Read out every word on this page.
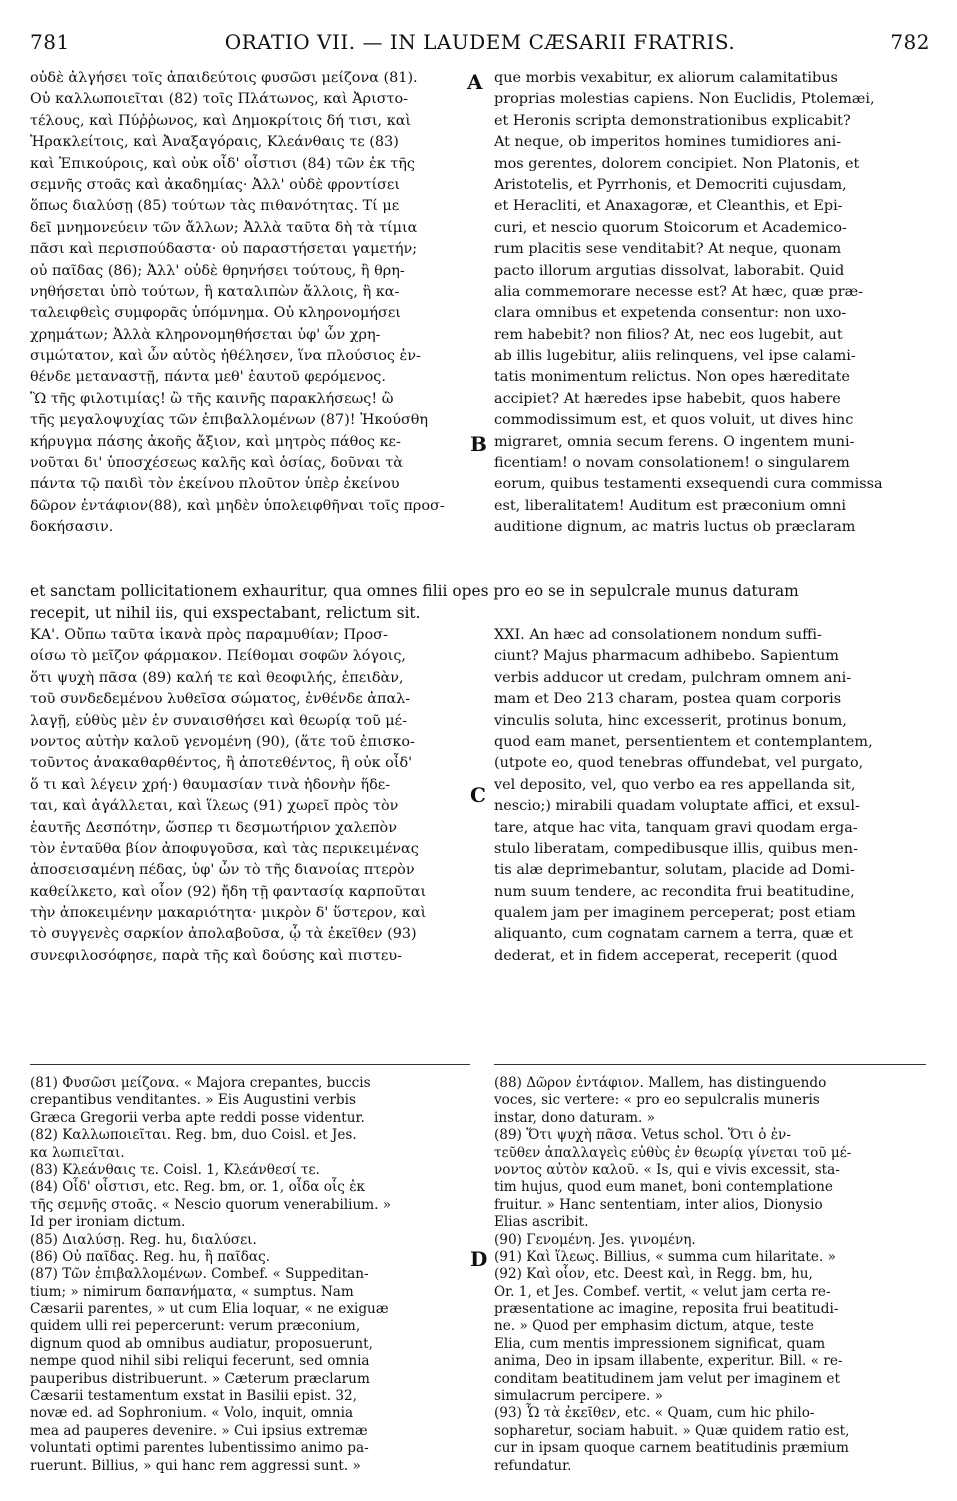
781	ORATIO VII. — IN LAUDEM CÆSARII FRATRIS.	782
A
B
C
D
οὐδὲ ἀλγήσει τοῖς ἀπαιδεύτοις φυσῶσι μείζονα (81).
Οὐ καλλωποιεῖται (82) τοῖς Πλάτωνος, καὶ Ἀριστο-
τέλους, καὶ Πύῤῥωνος, καὶ Δημοκρίτοις δή τισι, καὶ
Ἡρακλείτοις, καὶ Ἀναξαγόραις, Κλεάνθαις τε (83)
καὶ Ἐπικούροις, καὶ οὐκ οἶδ' οἷστισι (84) τῶν ἐκ τῆς
σεμνῆς στοᾶς καὶ ἀκαδημίας· Ἀλλ' οὐδὲ φροντίσει
ὅπως διαλύσῃ (85) τούτων τὰς πιθανότητας. Τί με
δεῖ μνημονεύειν τῶν ἄλλων; Ἀλλὰ ταῦτα δὴ τὰ τίμια
πᾶσι καὶ περισπούδαστα· οὐ παραστήσεται γαμετήν;
οὐ παῖδας (86); Ἀλλ' οὐδὲ θρηνήσει τούτους, ἢ θρη-
νηθήσεται ὑπὸ τούτων, ἢ καταλιπὼν ἄλλοις, ἢ κα-
ταλειφθεὶς συμφορᾶς ὑπόμνημα. Οὐ κληρονομήσει
χρημάτων; Ἀλλὰ κληρονομηθήσεται ὑφ' ὧν χρη-
σιμώτατον, καὶ ὧν αὐτὸς ἠθέλησεν, ἵνα πλούσιος ἐν-
θένδε μεταναστῇ, πάντα μεθ' ἑαυτοῦ φερόμενος.
Ὢ τῆς φιλοτιμίας! ὢ τῆς καινῆς παρακλήσεως! ὢ
τῆς μεγαλοψυχίας τῶν ἐπιβαλλομένων (87)! Ἠκούσθη
κήρυγμα πάσης ἀκοῆς ἄξιον, καὶ μητρὸς πάθος κε-
νοῦται δι' ὑποσχέσεως καλῆς καὶ ὁσίας, δοῦναι τὰ
πάντα τῷ παιδὶ τὸν ἐκείνου πλοῦτον ὑπὲρ ἐκείνου
δῶρον ἐντάφιον(88), καὶ μηδὲν ὑπολειφθῆναι τοῖς προσ-
δοκήσασιν.
que morbis vexabitur, ex aliorum calamitatibus
proprias molestias capiens. Non Euclidis, Ptolemæi,
et Heronis scripta demonstrationibus explicabit?
At neque, ob imperitos homines tumidiores ani-
mos gerentes, dolorem concipiet. Non Platonis, et
Aristotelis, et Pyrrhonis, et Democriti cujusdam,
et Heracliti, et Anaxagoræ, et Cleanthis, et Epi-
curi, et nescio quorum Stoicorum et Academico-
rum placitis sese venditabit? At neque, quonam
pacto illorum argutias dissolvat, laborabit. Quid
alia commemorare necesse est? At hæc, quæ præ-
clara omnibus et expetenda consentur: non uxo-
rem habebit? non filios? At, nec eos lugebit, aut
ab illis lugebitur, aliis relinquens, vel ipse calami-
tatis monimentum relictus. Non opes hæreditate
accipiet? At hæredes ipse habebit, quos habere
commodissimum est, et quos voluit, ut dives hinc
migraret, omnia secum ferens. O ingentem muni-
ficentiam! o novam consolationem! o singularem
eorum, quibus testamenti exsequendi cura commissa
est, liberalitatem! Auditum est præconium omni
auditione dignum, ac matris luctus ob præclaram
et sanctam pollicitationem exhauritur, qua omnes filii opes pro eo se in sepulcrale munus daturam
recepit, ut nihil iis, qui exspectabant, relictum sit.
ΚΑ'. Οὔπω ταῦτα ἱκανὰ πρὸς παραμυθίαν; Προσ-
οίσω τὸ μεῖζον φάρμακον. Πείθομαι σοφῶν λόγοις,
ὅτι ψυχὴ πᾶσα (89) καλή τε καὶ θεοφιλής, ἐπειδὰν,
τοῦ συνδεδεμένου λυθεῖσα σώματος, ἐνθένδε ἀπαλ-
λαγῇ, εὐθὺς μὲν ἐν συναισθήσει καὶ θεωρίᾳ τοῦ μέ-
νοντος αὐτὴν καλοῦ γενομένη (90), (ἅτε τοῦ ἐπισκο-
τοῦντος ἀνακαθαρθέντος, ἢ ἀποτεθέντος, ἢ οὐκ οἶδ'
ὅ τι καὶ λέγειν χρή·) θαυμασίαν τινὰ ἡδονὴν ἥδε-
ται, καὶ ἀγάλλεται, καὶ ἵλεως (91) χωρεῖ πρὸς τὸν
ἑαυτῆς Δεσπότην, ὥσπερ τι δεσμωτήριον χαλεπὸν
τὸν ἐνταῦθα βίον ἀποφυγοῦσα, καὶ τὰς περικειμένας
ἀποσεισαμένη πέδας, ὑφ' ὧν τὸ τῆς διανοίας πτερὸν
καθείλκετο, καὶ οἷον (92) ἤδη τῇ φαντασίᾳ καρποῦται
τὴν ἀποκειμένην μακαριότητα· μικρὸν δ' ὕστερον, καὶ
τὸ συγγενὲς σαρκίον ἀπολαβοῦσα, ᾧ τὰ ἐκεῖθεν (93)
συνεφιλοσόφησε, παρὰ τῆς καὶ δούσης καὶ πιστευ-
XXI. An hæc ad consolationem nondum suffi-
ciunt? Majus pharmacum adhibebo. Sapientum
verbis adducor ut credam, pulchram omnem ani-
mam et Deo 213 charam, postea quam corporis
vinculis soluta, hinc excesserit, protinus bonum,
quod eam manet, persentientem et contemplantem,
(utpote eo, quod tenebras offundebat, vel purgato,
vel deposito, vel, quo verbo ea res appellanda sit,
nescio;) mirabili quadam voluptate affici, et exsul-
tare, atque hac vita, tanquam gravi quodam erga-
stulo liberatam, compedibusque illis, quibus men-
tis alæ deprimebantur, solutam, placide ad Domi-
num suum tendere, ac recondita frui beatitudine,
qualem jam per imaginem perceperat; post etiam
aliquanto, cum cognatam carnem a terra, quæ et
dederat, et in fidem acceperat, receperit (quod
(81) Φυσῶσι μείζονα. « Majora crepantes, buccis
crepantibus venditantes. » Eis Augustini verbis
Græca Gregorii verba apte reddi posse videntur.
(82) Καλλωποιεῖται. Reg. bm, duo Coisl. et Jes.
κα λωπιεῖται.
(83) Κλεάνθαις τε. Coisl. 1, Κλεάνθεσί τε.
(84) Οἶδ' οἷστισι, etc. Reg. bm, or. 1, οἶδα οἷς ἐκ
τῆς σεμνῆς στοᾶς. « Nescio quorum venerabilium. »
Id per ironiam dictum.
(85) Διαλύσῃ. Reg. hu, διαλύσει.
(86) Οὐ παῖδας. Reg. hu, ἢ παῖδας.
(87) Τῶν ἐπιβαλλομένων. Combef. « Suppeditan-
tium; » nimirum δαπανήματα, « sumptus. Nam
Cæsarii parentes, » ut cum Elia loquar, « ne exiguæ
quidem ulli rei pepercerunt: verum præconium,
dignum quod ab omnibus audiatur, proposuerunt,
nempe quod nihil sibi reliqui fecerunt, sed omnia
pauperibus distribuerunt. » Cæterum præclarum
Cæsarii testamentum exstat in Basilii epist. 32,
novæ ed. ad Sophronium. « Volo, inquit, omnia
mea ad pauperes devenire. » Cui ipsius extremæ
voluntati optimi parentes lubentissimo animo pa-
ruerunt. Billius, » qui hanc rem aggressi sunt. »
(88) Δῶρον ἐντάφιον. Mallem, has distinguendo
voces, sic vertere: « pro eo sepulcralis muneris
instar, dono daturam. »
(89) Ὅτι ψυχὴ πᾶσα. Vetus schol. Ὅτι ὁ ἐν-
τεῦθεν ἀπαλλαγεὶς εὐθὺς ἐν θεωρίᾳ γίνεται τοῦ μέ-
νοντος αὐτὸν καλοῦ. « Is, qui e vivis excessit, sta-
tim hujus, quod eum manet, boni contemplatione
fruitur. » Hanc sententiam, inter alios, Dionysio
Elias ascribit.
(90) Γενομένη. Jes. γινομένη.
(91) Καὶ ἵλεως. Billius, « summa cum hilaritate. »
(92) Καὶ οἷον, etc. Deest καὶ, in Regg. bm, hu,
Or. 1, et Jes. Combef. vertit, « velut jam certa re-
præsentatione ac imagine, reposita frui beatitudi-
ne. » Quod per emphasim dictum, atque, teste
Elia, cum mentis impressionem significat, quam
anima, Deo in ipsam illabente, experitur. Bill. « re-
conditam beatitudinem jam velut per imaginem et
simulacrum percipere. »
(93) Ὧ τὰ ἐκεῖθεν, etc. « Quam, cum hic philo-
sopharetur, sociam habuit. » Quæ quidem ratio est,
cur in ipsam quoque carnem beatitudinis præmium
refundatur.
